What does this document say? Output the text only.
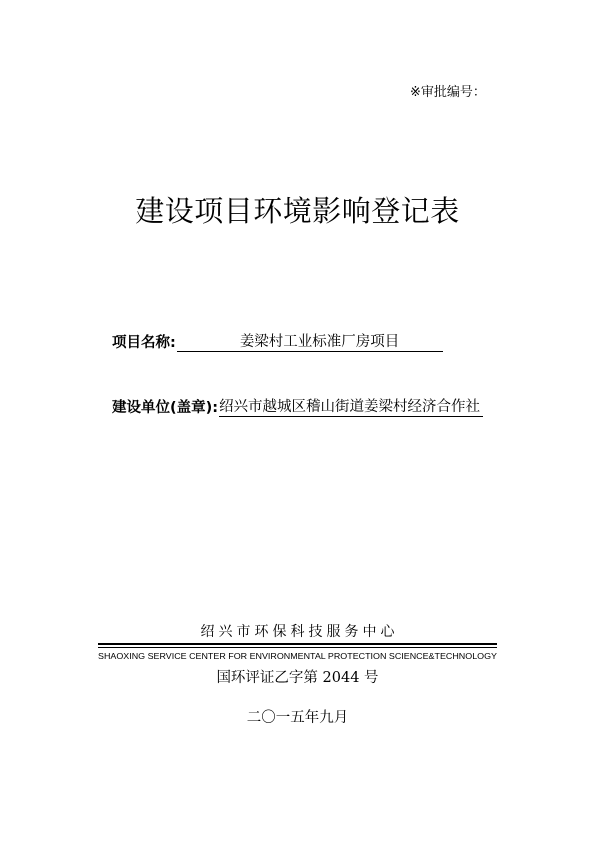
※审批编号：
建设项目环境影响登记表
项目名称:	姜梁村工业标准厂房项目
建设单位(盖章): 绍兴市越城区稽山街道姜梁村经济合作社
绍兴市环保科技服务中心
SHAOXING SERVICE CENTER FOR ENVIRONMENTAL PROTECTION SCIENCE&TECHNOLOGY
国环评证乙字第 2044 号
二〇一五年九月
